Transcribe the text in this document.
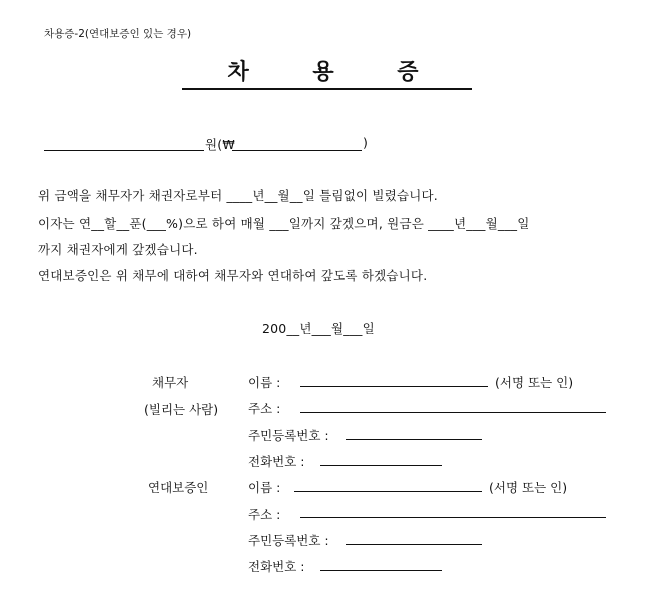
차용증-2(연대보증인 있는 경우)
차 용 증
원(₩	)
위 금액을 채무자가 채권자로부터 ____년__월__일 틀림없이 빌렸습니다.
이자는 연__할__푼(___%)으로 하여 매월 ___일까지 갚겠으며, 원금은 ____년___월___일
까지 채권자에게 갚겠습니다.
연대보증인은 위 채무에 대하여 채무자와 연대하여 갚도록 하겠습니다.
200__년___월___일
채무자
(빌리는 사람)
이름 :	(서명 또는 인)
주소 :
주민등록번호 :
전화번호 :
연대보증인	이름 :	(서명 또는 인)
주소 :
주민등록번호 :
전화번호 :
